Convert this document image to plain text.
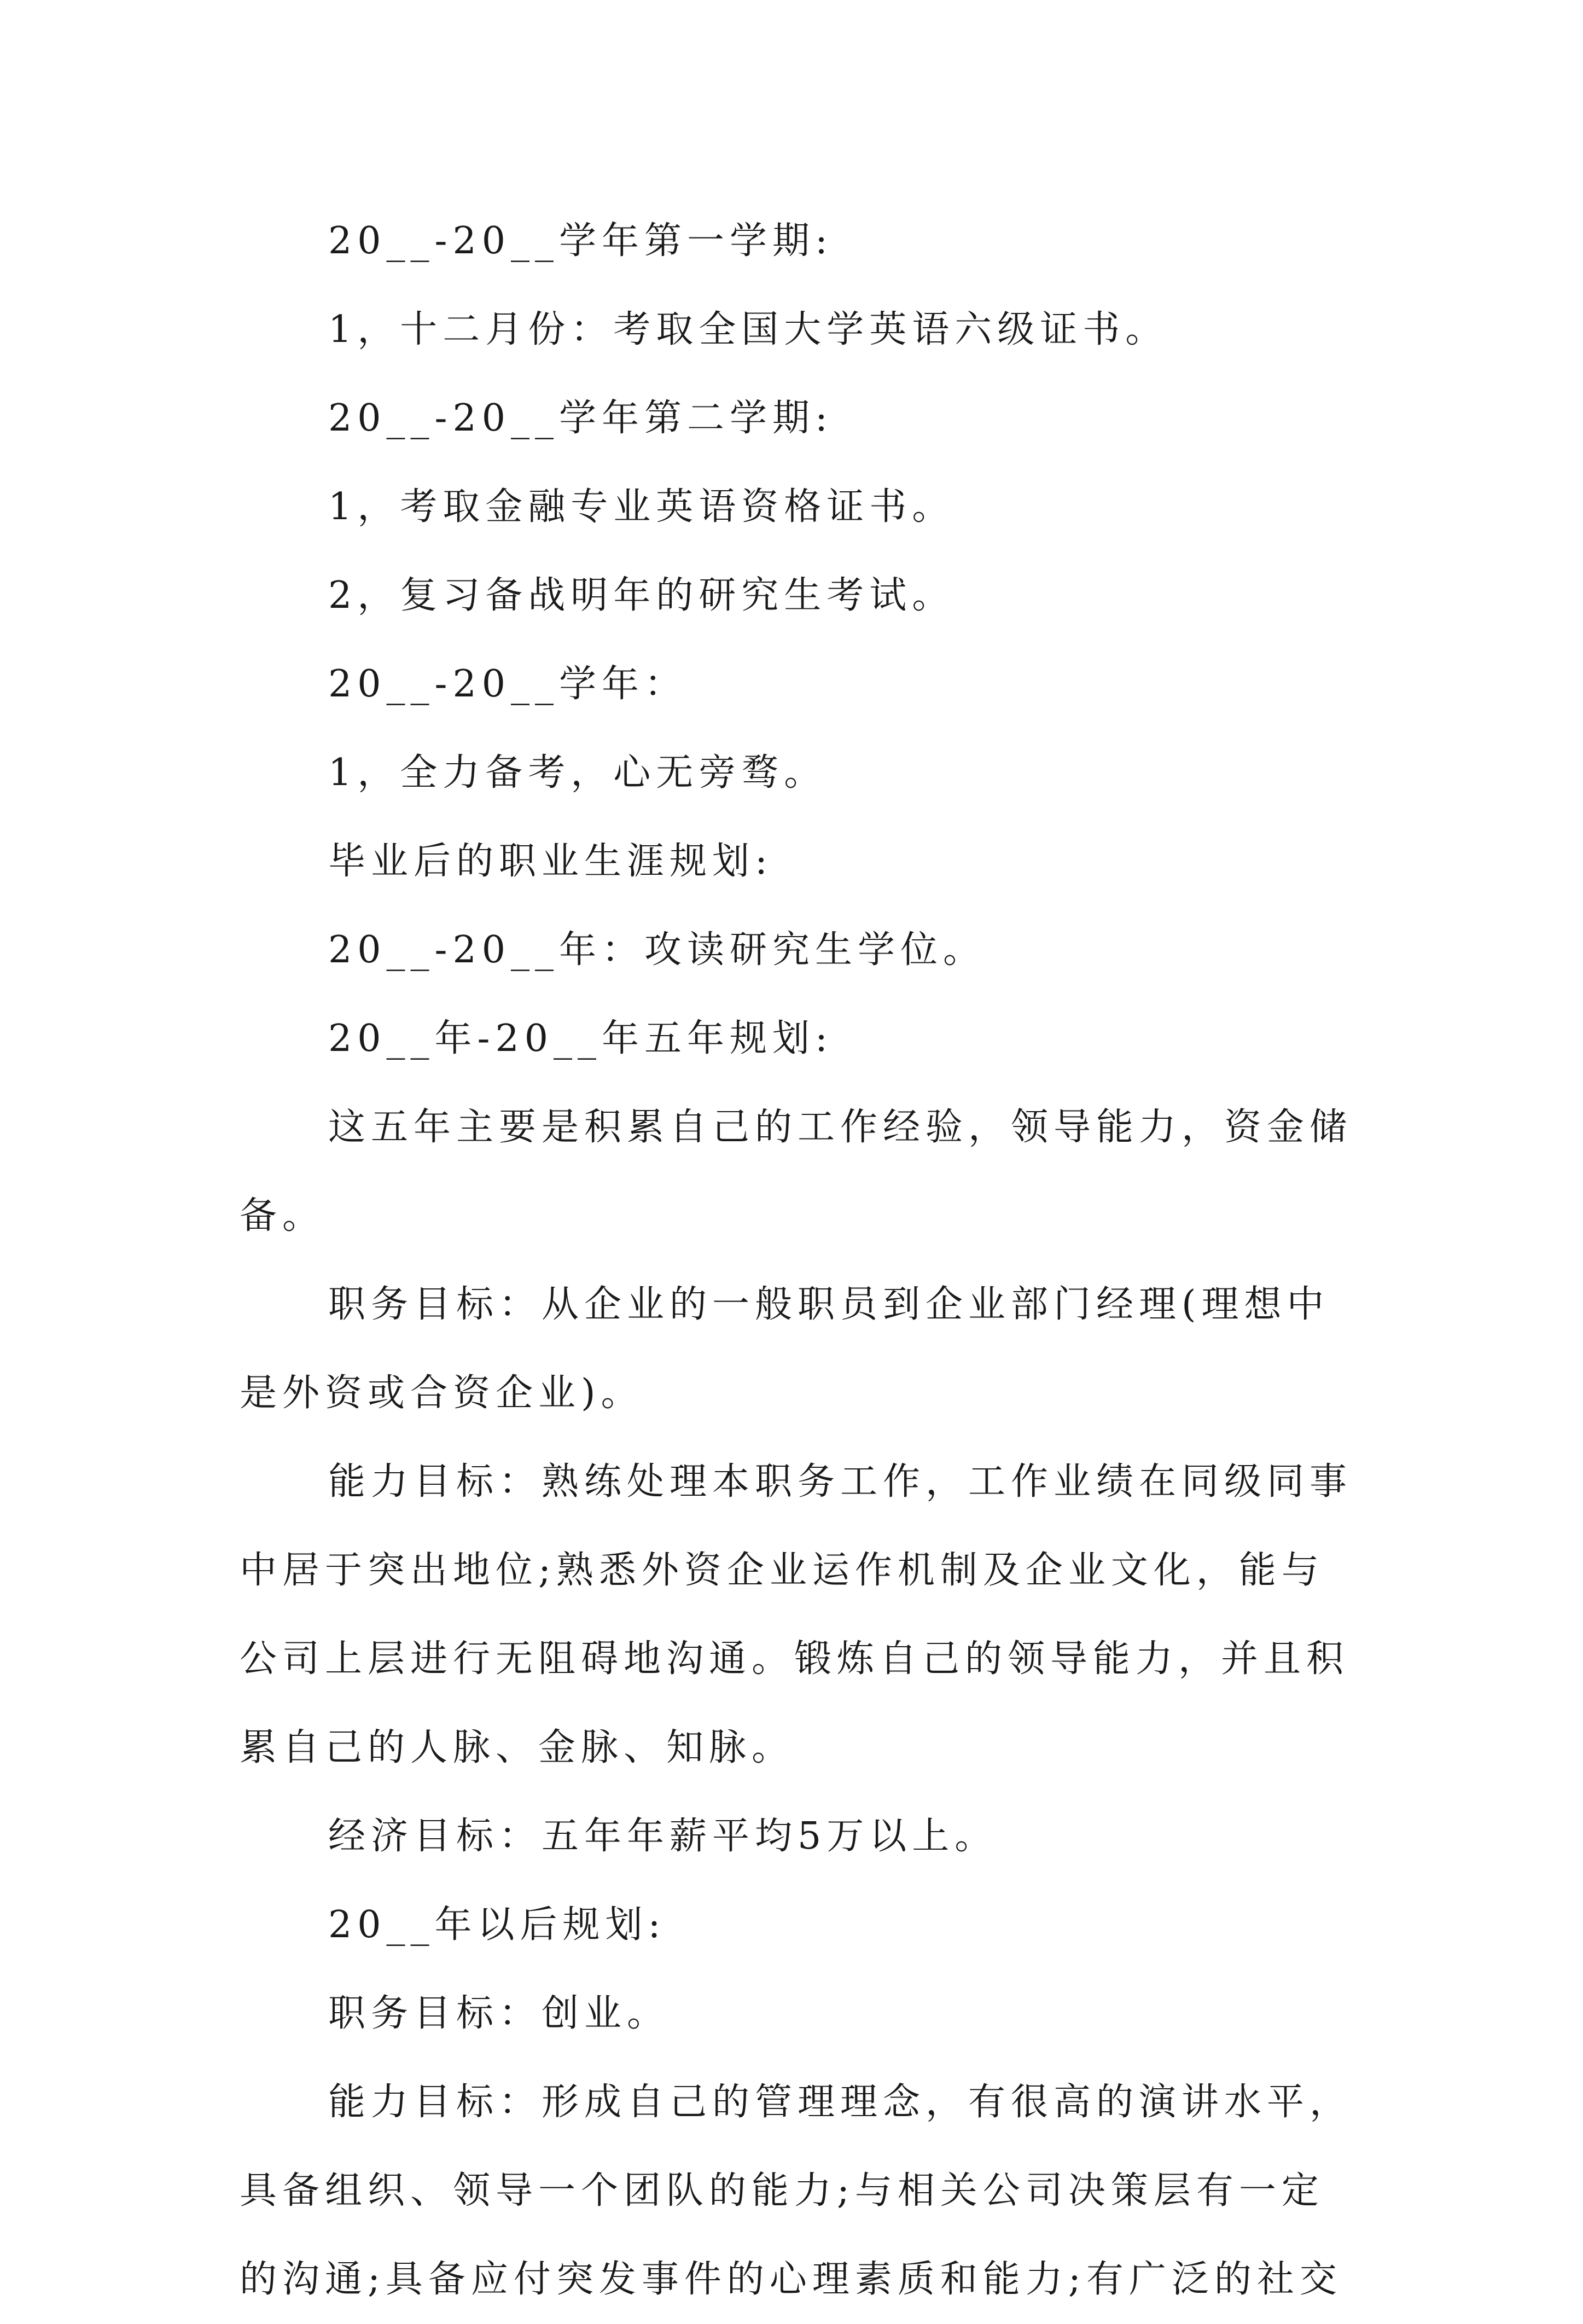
20__-20__学年第一学期:

1，十二月份：考取全国大学英语六级证书。

20__-20__学年第二学期:

1，考取金融专业英语资格证书。

2，复习备战明年的研究生考试。

20__-20__学年：

1，全力备考，心无旁骛。

毕业后的职业生涯规划:

20__-20__年：攻读研究生学位。

20__年-20__年五年规划:

这五年主要是积累自己的工作经验，领导能力，资金储备。

职务目标：从企业的一般职员到企业部门经理(理想中是外资或合资企业)。

能力目标：熟练处理本职务工作，工作业绩在同级同事中居于突出地位;熟悉外资企业运作机制及企业文化，能与公司上层进行无阻碍地沟通。锻炼自己的领导能力，并且积累自己的人脉、金脉、知脉。

经济目标：五年年薪平均5万以上。

20__年以后规划:

职务目标：创业。

能力目标：形成自己的管理理念，有很高的演讲水平，具备组织、领导一个团队的能力;与相关公司决策层有一定的沟通;具备应付突发事件的心理素质和能力;有广泛的社交
